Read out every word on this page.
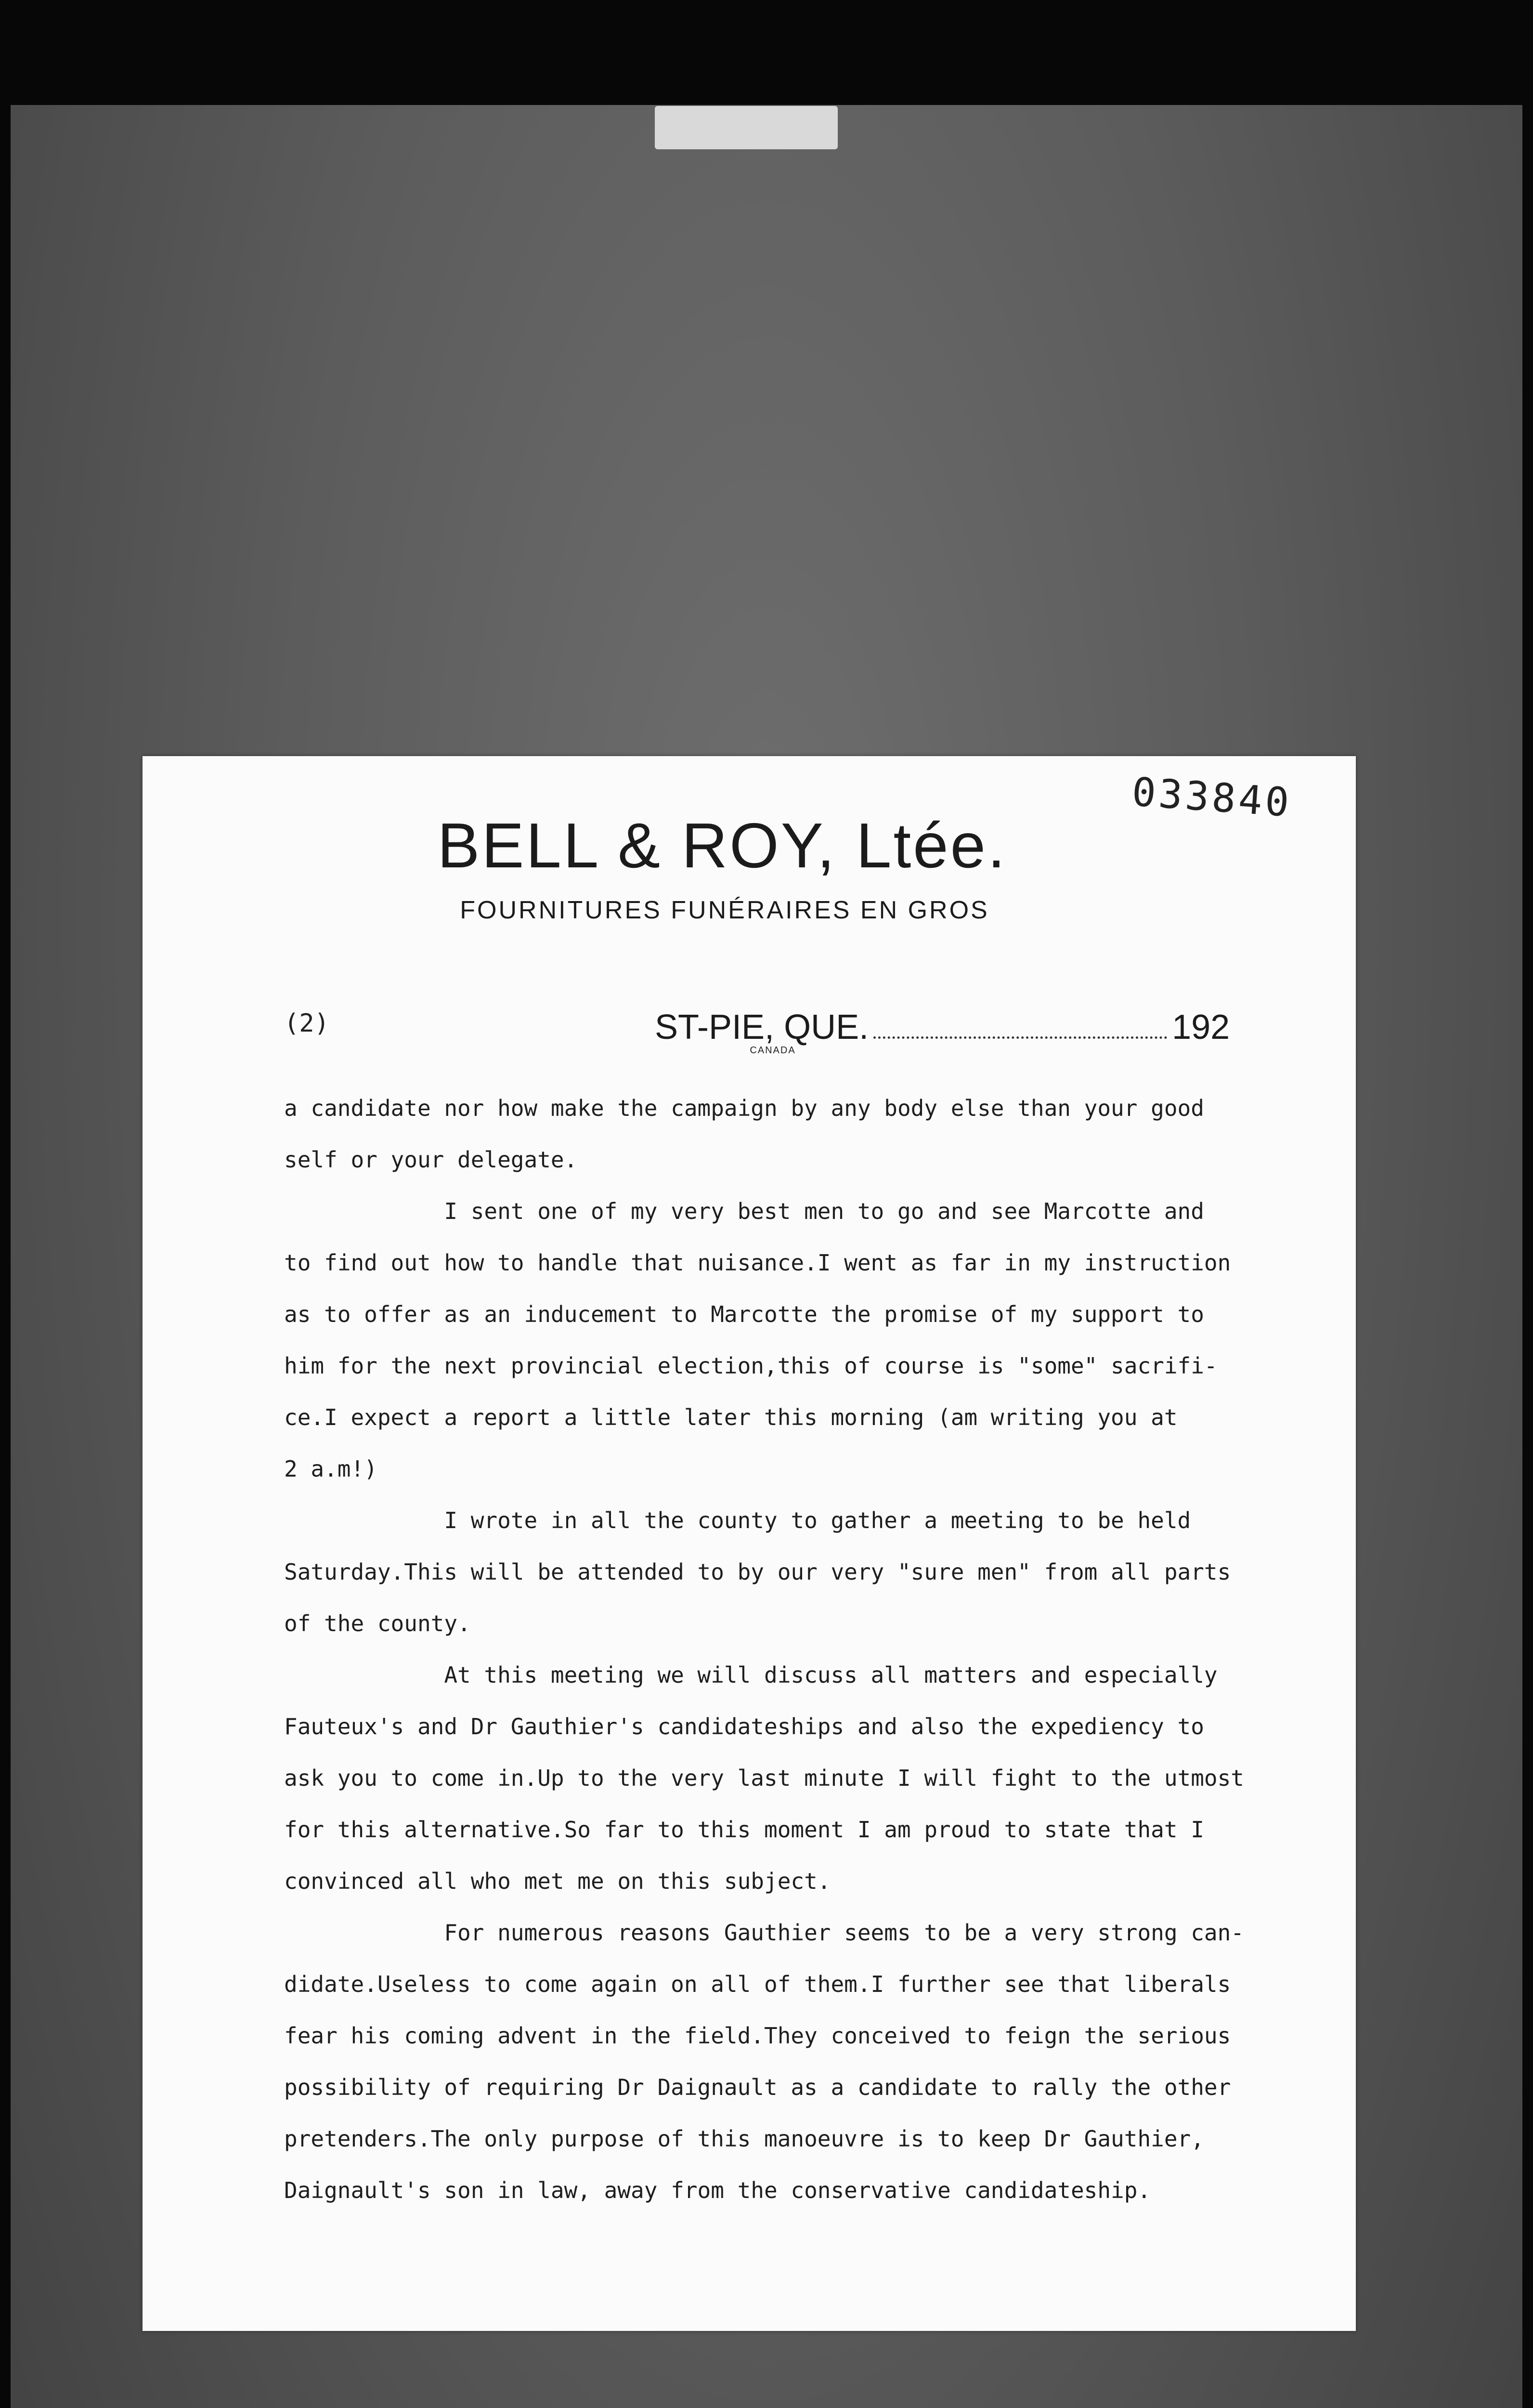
033840
BELL & ROY, Ltée.
FOURNITURES FUNÉRAIRES EN GROS
(2)	ST-PIE, QUE.	192
CANADA
a candidate nor how make the campaign by any body else than your good
self or your delegate.
I sent one of my very best men to go and see Marcotte and
to find out how to handle that nuisance.I went as far in my instruction
as to offer as an inducement to Marcotte the promise of my support to
him for the next provincial election,this of course is "some" sacrifi-
ce.I expect a report a little later this morning (am writing you at
2 a.m!)
I wrote in all the county to gather a meeting to be held
Saturday.This will be attended to by our very "sure men" from all parts
of the county.
At this meeting we will discuss all matters and especially
Fauteux's and Dr Gauthier's candidateships and also the expediency to
ask you to come in.Up to the very last minute I will fight to the utmost
for this alternative.So far to this moment I am proud to state that I
convinced all who met me on this subject.
For numerous reasons Gauthier seems to be a very strong can-
didate.Useless to come again on all of them.I further see that liberals
fear his coming advent in the field.They conceived to feign the serious
possibility of requiring Dr Daignault as a candidate to rally the other
pretenders.The only purpose of this manoeuvre is to keep Dr Gauthier,
Daignault's son in law, away from the conservative candidateship.
